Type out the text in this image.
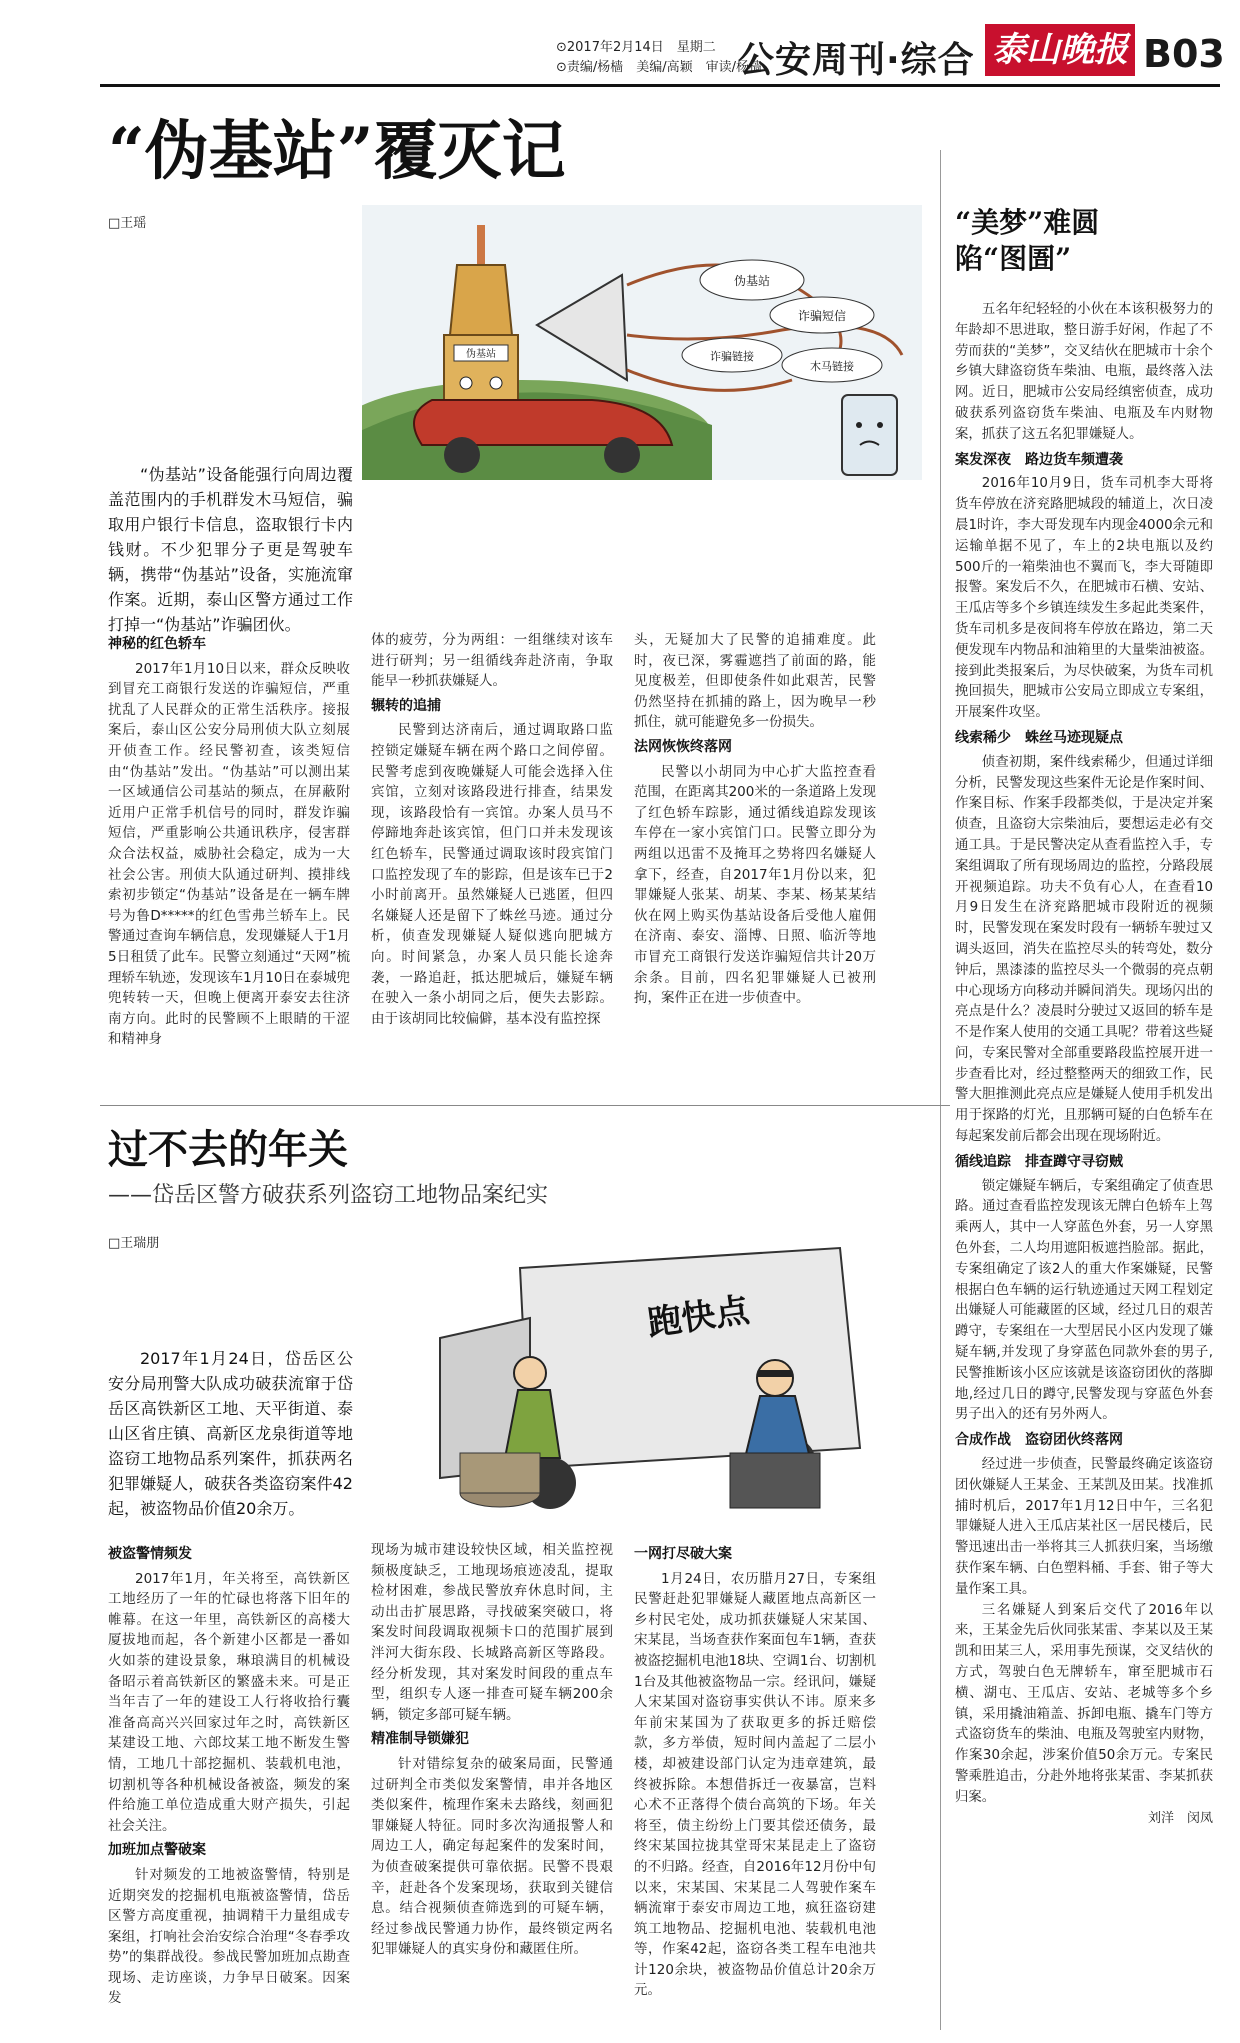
⊙2017年2月14日　星期二
⊙责编/杨樯　美编/高颖　审读/杨樯
公安周刊·综合 泰山晚报 B03
“伪基站”覆灭记
□王瑶
伪基站
伪基站
诈骗短信
诈骗链接
木马链接

“伪基站”设备能强行向周边覆盖范围内的手机群发木马短信，骗取用户银行卡信息，盗取银行卡内钱财。不少犯罪分子更是驾驶车辆，携带“伪基站”设备，实施流窜作案。近期，泰山区警方通过工作打掉一“伪基站”诈骗团伙。

神秘的红色轿车

2017年1月10日以来，群众反映收到冒充工商银行发送的诈骗短信，严重扰乱了人民群众的正常生活秩序。接报案后，泰山区公安分局刑侦大队立刻展开侦查工作。经民警初查，该类短信由“伪基站”发出。“伪基站”可以测出某一区域通信公司基站的频点，在屏蔽附近用户正常手机信号的同时，群发诈骗短信，严重影响公共通讯秩序，侵害群众合法权益，威胁社会稳定，成为一大社会公害。刑侦大队通过研判、摸排线索初步锁定“伪基站”设备是在一辆车牌号为鲁D*****的红色雪弗兰轿车上。民警通过查询车辆信息，发现嫌疑人于1月5日租赁了此车。民警立刻通过“天网”梳理轿车轨迹，发现该车1月10日在泰城兜兜转转一天，但晚上便离开泰安去往济南方向。此时的民警顾不上眼睛的干涩和精神身

体的疲劳，分为两组：一组继续对该车进行研判；另一组循线奔赴济南，争取能早一秒抓获嫌疑人。

辗转的追捕

民警到达济南后，通过调取路口监控锁定嫌疑车辆在两个路口之间停留。民警考虑到夜晚嫌疑人可能会选择入住宾馆，立刻对该路段进行排查，结果发现，该路段恰有一宾馆。办案人员马不停蹄地奔赴该宾馆，但门口并未发现该红色轿车，民警通过调取该时段宾馆门口监控发现了车的影踪，但是该车已于2小时前离开。虽然嫌疑人已逃匿，但四名嫌疑人还是留下了蛛丝马迹。通过分析，侦查发现嫌疑人疑似逃向肥城方向。时间紧急，办案人员只能长途奔袭，一路追赶，抵达肥城后，嫌疑车辆在驶入一条小胡同之后，便失去影踪。由于该胡同比较偏僻，基本没有监控探

头，无疑加大了民警的追捕难度。此时，夜已深，雾霾遮挡了前面的路，能见度极差，但即使条件如此艰苦，民警仍然坚持在抓捕的路上，因为晚早一秒抓住，就可能避免多一份损失。

法网恢恢终落网

民警以小胡同为中心扩大监控查看范围，在距离其200米的一条道路上发现了红色轿车踪影，通过循线追踪发现该车停在一家小宾馆门口。民警立即分为两组以迅雷不及掩耳之势将四名嫌疑人拿下，经查，自2017年1月份以来，犯罪嫌疑人张某、胡某、李某、杨某某结伙在网上购买伪基站设备后受他人雇佣在济南、泰安、淄博、日照、临沂等地市冒充工商银行发送诈骗短信共计20万余条。目前，四名犯罪嫌疑人已被刑拘，案件正在进一步侦查中。

过不去的年关
——岱岳区警方破获系列盗窃工地物品案纪实
□王瑞朋
跑快点

2017年1月24日，岱岳区公安分局刑警大队成功破获流窜于岱岳区高铁新区工地、天平街道、泰山区省庄镇、高新区龙泉街道等地盗窃工地物品系列案件，抓获两名犯罪嫌疑人，破获各类盗窃案件42起，被盗物品价值20余万。

被盗警情频发

2017年1月，年关将至，高铁新区工地经历了一年的忙碌也将落下旧年的帷幕。在这一年里，高铁新区的高楼大厦拔地而起，各个新建小区都是一番如火如荼的建设景象，琳琅满目的机械设备昭示着高铁新区的繁盛未来。可是正当年吉了一年的建设工人行将收拾行囊准备高高兴兴回家过年之时，高铁新区某建设工地、六郎坟某工地不断发生警情，工地几十部挖掘机、装载机电池，切割机等各种机械设备被盗，频发的案件给施工单位造成重大财产损失，引起社会关注。

加班加点警破案

针对频发的工地被盗警情，特别是近期突发的挖掘机电瓶被盗警情，岱岳区警方高度重视，抽调精干力量组成专案组，打响社会治安综合治理“冬春季攻势”的集群战役。参战民警加班加点勘查现场、走访座谈，力争早日破案。因案发

现场为城市建设较快区域，相关监控视频极度缺乏，工地现场痕迹凌乱，提取检材困难，参战民警放弃休息时间，主动出击扩展思路，寻找破案突破口，将案发时间段调取视频卡口的范围扩展到泮河大街东段、长城路高新区等路段。经分析发现，其对案发时间段的重点车型，组织专人逐一排查可疑车辆200余辆，锁定多部可疑车辆。

精准制导锁嫌犯

针对错综复杂的破案局面，民警通过研判全市类似发案警情，串并各地区类似案件，梳理作案未去路线，刻画犯罪嫌疑人特征。同时多次沟通报警人和周边工人，确定每起案件的发案时间，为侦查破案提供可靠依据。民警不畏艰辛，赶赴各个发案现场，获取到关键信息。结合视频侦查筛选到的可疑车辆，经过参战民警通力协作，最终锁定两名犯罪嫌疑人的真实身份和藏匿住所。

一网打尽破大案

1月24日，农历腊月27日，专案组民警赶赴犯罪嫌疑人藏匿地点高新区一乡村民宅处，成功抓获嫌疑人宋某国、宋某昆，当场查获作案面包车1辆，查获被盗挖掘机电池18块、空调1台、切割机1台及其他被盗物品一宗。经讯问，嫌疑人宋某国对盗窃事实供认不讳。原来多年前宋某国为了获取更多的拆迁赔偿款，多方举债，短时间内盖起了二层小楼，却被建设部门认定为违章建筑，最终被拆除。本想借拆迁一夜暴富，岂料心术不正落得个债台高筑的下场。年关将至，债主纷纷上门要其偿还债务，最终宋某国拉拢其堂哥宋某昆走上了盗窃的不归路。经查，自2016年12月份中旬以来，宋某国、宋某昆二人驾驶作案车辆流窜于泰安市周边工地，疯狂盗窃建筑工地物品、挖掘机电池、装载机电池等，作案42起，盗窃各类工程车电池共计120余块，被盗物品价值总计20余万元。

“美梦”难圆
陷“图圄”

五名年纪轻轻的小伙在本该积极努力的年龄却不思进取，整日游手好闲，作起了不劳而获的“美梦”，交叉结伙在肥城市十余个乡镇大肆盗窃货车柴油、电瓶，最终落入法网。近日，肥城市公安局经缜密侦查，成功破获系列盗窃货车柴油、电瓶及车内财物案，抓获了这五名犯罪嫌疑人。

案发深夜　路边货车频遭袭

2016年10月9日，货车司机李大哥将货车停放在济兖路肥城段的辅道上，次日凌晨1时许，李大哥发现车内现金4000余元和运输单据不见了，车上的2块电瓶以及约500斤的一箱柴油也不翼而飞，李大哥随即报警。案发后不久，在肥城市石横、安站、王瓜店等多个乡镇连续发生多起此类案件，货车司机多是夜间将车停放在路边，第二天便发现车内物品和油箱里的大量柴油被盗。接到此类报案后，为尽快破案，为货车司机挽回损失，肥城市公安局立即成立专案组，开展案件攻坚。

线索稀少　蛛丝马迹现疑点

侦查初期，案件线索稀少，但通过详细分析，民警发现这些案件无论是作案时间、作案目标、作案手段都类似，于是决定并案侦查，且盗窃大宗柴油后，要想运走必有交通工具。于是民警决定从查看监控入手，专案组调取了所有现场周边的监控，分路段展开视频追踪。功夫不负有心人，在查看10月9日发生在济兖路肥城市段附近的视频时，民警发现在案发时段有一辆轿车驶过又调头返回，消失在监控尽头的转弯处，数分钟后，黑漆漆的监控尽头一个微弱的亮点朝中心现场方向移动并瞬间消失。现场闪出的亮点是什么？凌晨时分驶过又返回的轿车是不是作案人使用的交通工具呢？带着这些疑问，专案民警对全部重要路段监控展开进一步查看比对，经过整整两天的细致工作，民警大胆推测此亮点应是嫌疑人使用手机发出用于探路的灯光，且那辆可疑的白色轿车在每起案发前后都会出现在现场附近。

循线追踪　排查蹲守寻窃贼

锁定嫌疑车辆后，专案组确定了侦查思路。通过查看监控发现该无牌白色轿车上驾乘两人，其中一人穿蓝色外套，另一人穿黑色外套，二人均用遮阳板遮挡脸部。据此，专案组确定了该2人的重大作案嫌疑，民警根据白色车辆的运行轨迹通过天网工程划定出嫌疑人可能藏匿的区域，经过几日的艰苦蹲守，专案组在一大型居民小区内发现了嫌疑车辆,并发现了身穿蓝色同款外套的男子,民警推断该小区应该就是该盗窃团伙的落脚地,经过几日的蹲守,民警发现与穿蓝色外套男子出入的还有另外两人。

合成作战　盗窃团伙终落网

经过进一步侦查，民警最终确定该盗窃团伙嫌疑人王某金、王某凯及田某。找准抓捕时机后，2017年1月12日中午，三名犯罪嫌疑人进入王瓜店某社区一居民楼后，民警迅速出击一举将其三人抓获归案，当场缴获作案车辆、白色塑料桶、手套、钳子等大量作案工具。

三名嫌疑人到案后交代了2016年以来，王某金先后伙同张某雷、李某以及王某凯和田某三人，采用事先预谋，交叉结伙的方式，驾驶白色无牌轿车，窜至肥城市石横、湖屯、王瓜店、安站、老城等多个乡镇，采用撬油箱盖、拆卸电瓶、撬车门等方式盗窃货车的柴油、电瓶及驾驶室内财物，作案30余起，涉案价值50余万元。专案民警乘胜追击，分赴外地将张某雷、李某抓获归案。

刘洋　闵凤
